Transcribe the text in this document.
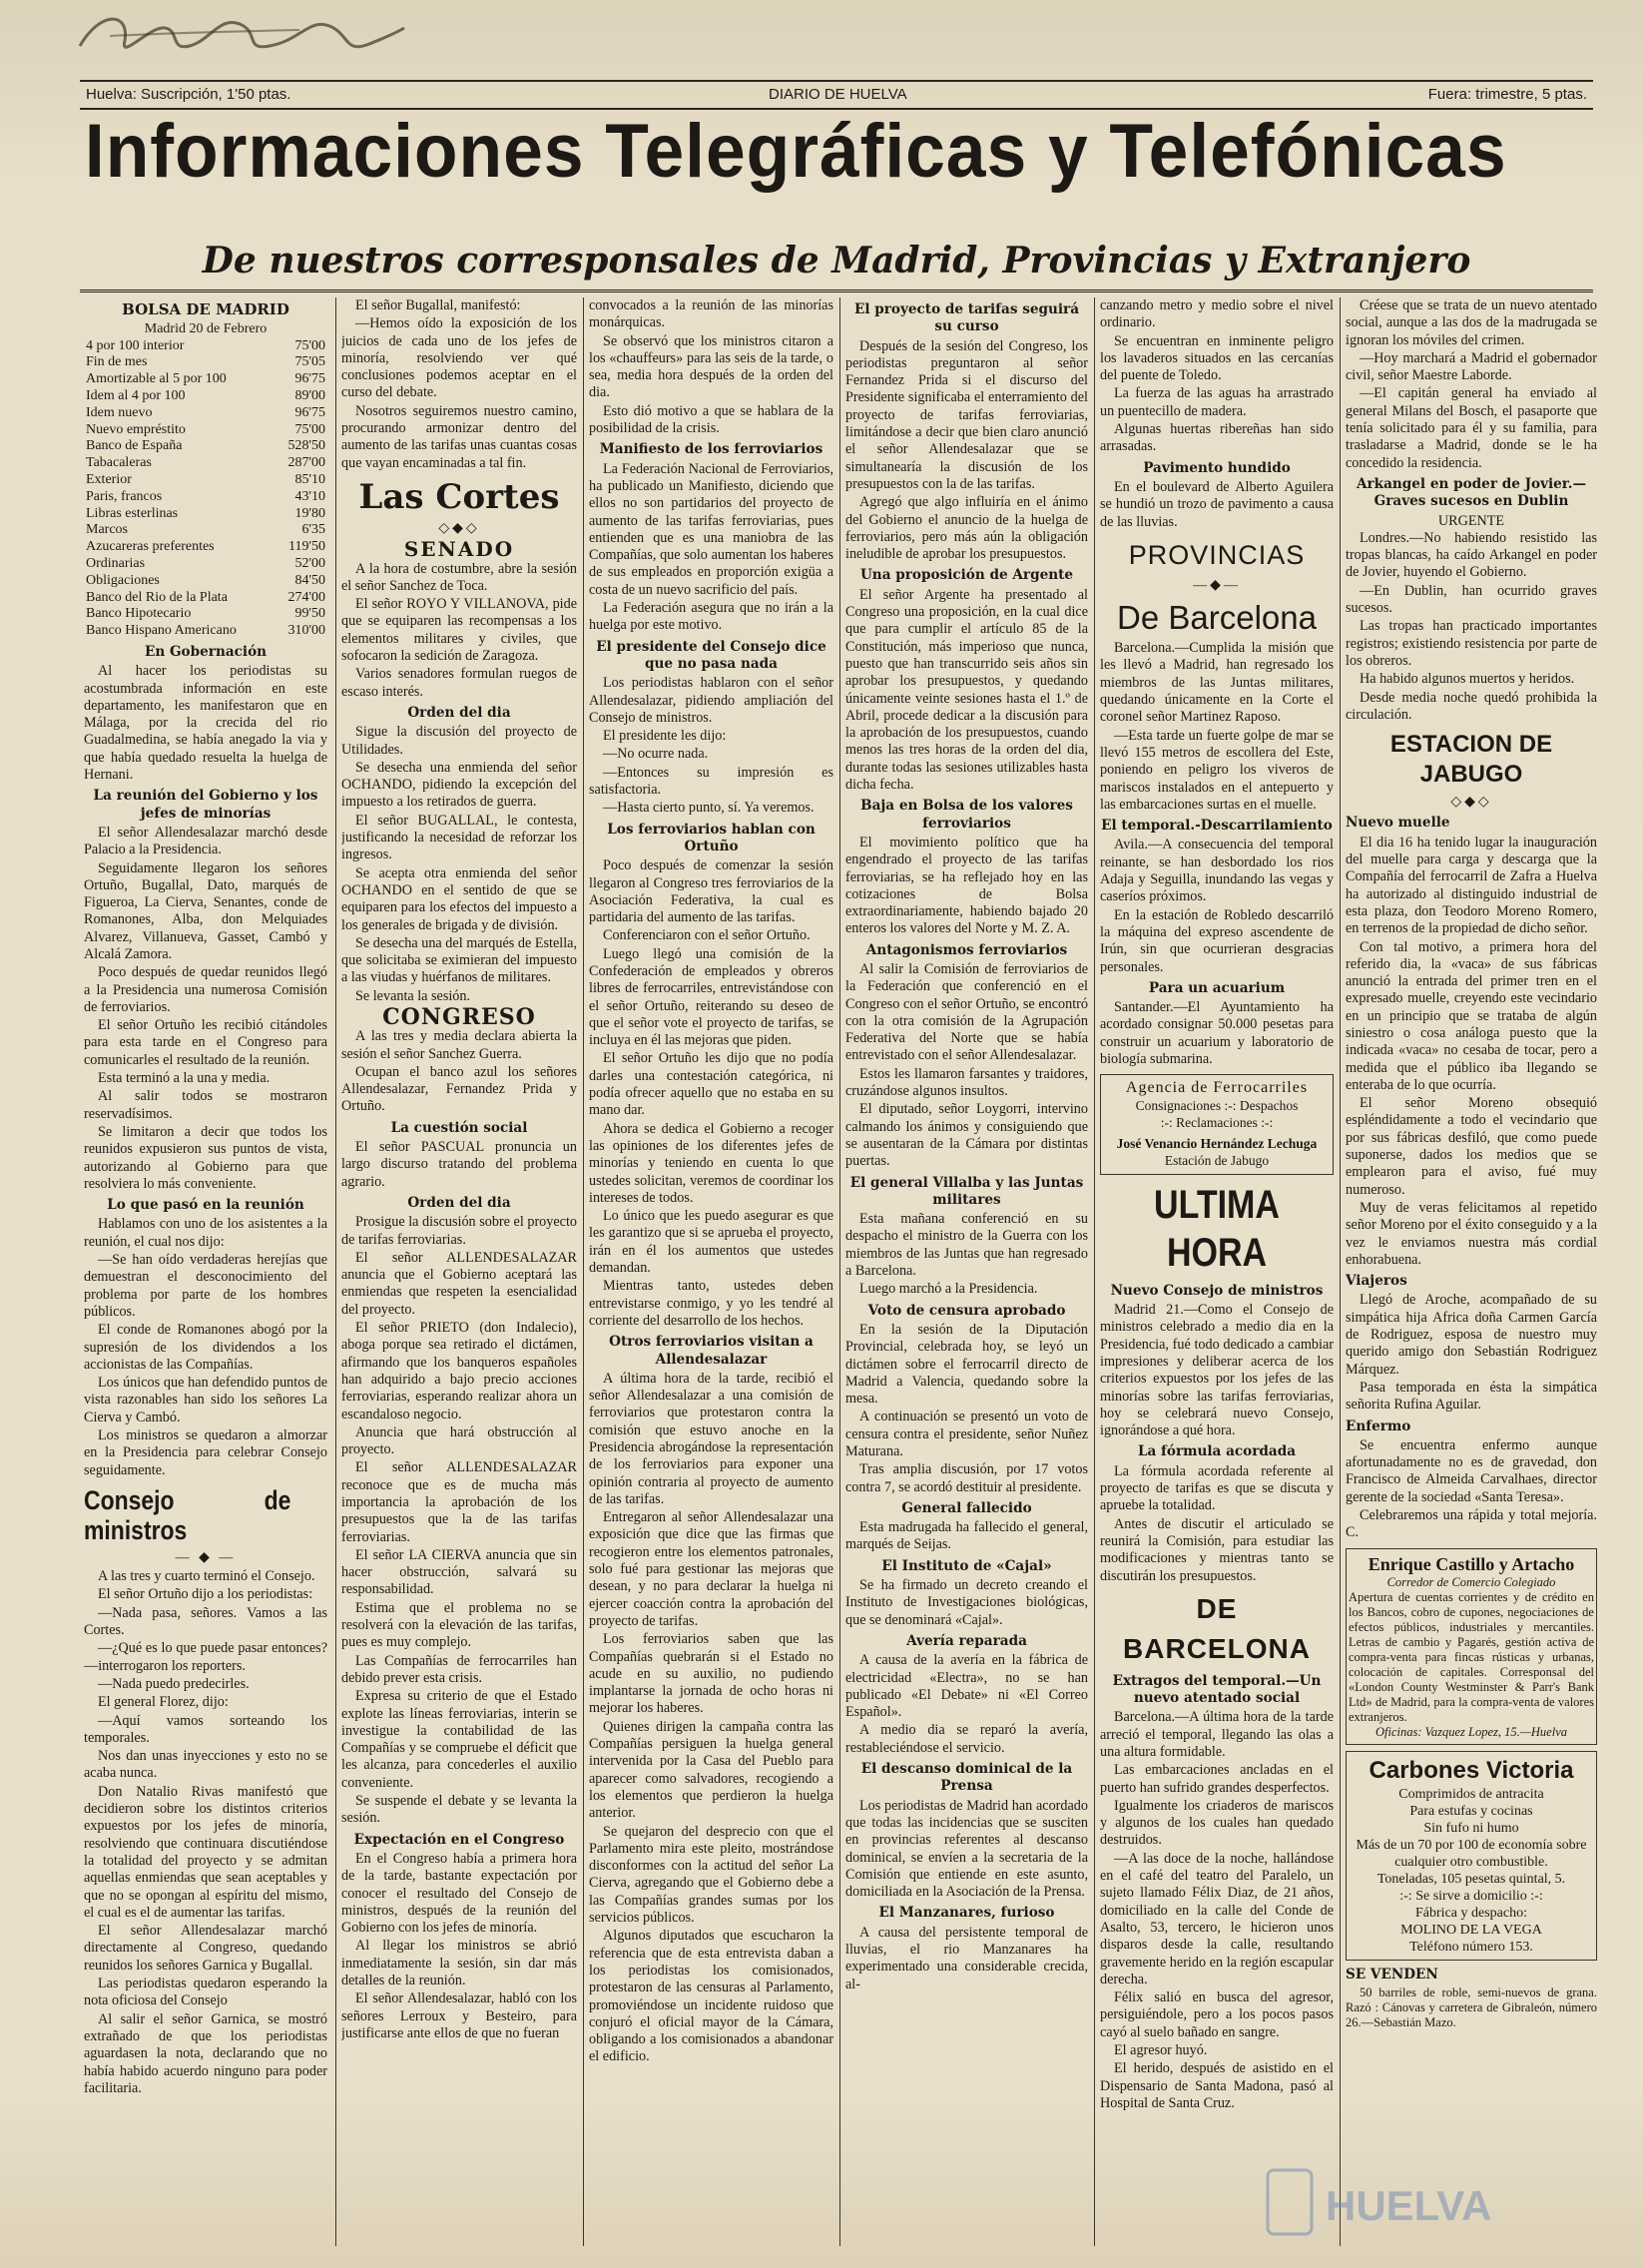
Huelva: Suscripción, 1'50 ptas.	DIARIO DE HUELVA	Fuera: trimestre, 5 ptas.
Informaciones Telegráficas y Telefónicas
De nuestros corresponsales de Madrid, Provincias y Extranjero
BOLSA DE MADRID
Madrid 20 de Febrero
4 por 100 interior	75'00
Fin de mes	75'05
Amortizable al 5 por 100	96'75
Idem al 4 por 100	89'00
Idem nuevo	96'75
Nuevo empréstito	75'00
Banco de España	528'50
Tabacaleras	287'00
Exterior	85'10
Paris, francos	43'10
Libras esterlinas	19'80
Marcos	6'35
Azucareras preferentes	119'50
Ordinarias	52'00
Obligaciones	84'50
Banco del Rio de la Plata	274'00
Banco Hipotecario	99'50
Banco Hispano Americano	310'00
En Gobernación

Al hacer los periodistas su acostumbrada información en este departamento, les manifestaron que en Málaga, por la crecida del rio Guadalmedina, se había anegado la via y que había quedado resuelta la huelga de Hernani.

La reunión del Gobierno y los jefes de minorías

El señor Allendesalazar marchó desde Palacio a la Presidencia.

Seguidamente llegaron los señores Ortuño, Bugallal, Dato, marqués de Figueroa, La Cierva, Senantes, conde de Romanones, Alba, don Melquiades Alvarez, Villanueva, Gasset, Cambó y Alcalá Zamora.

Poco después de quedar reunidos llegó a la Presidencia una numerosa Comisión de ferroviarios.

El señor Ortuño les recibió citándoles para esta tarde en el Congreso para comunicarles el resultado de la reunión.

Esta terminó a la una y media.

Al salir todos se mostraron reservadísimos.

Se limitaron a decir que todos los reunidos expusieron sus puntos de vista, autorizando al Gobierno para que resolviera lo más conveniente.

Lo que pasó en la reunión

Hablamos con uno de los asistentes a la reunión, el cual nos dijo:

—Se han oído verdaderas herejías que demuestran el desconocimiento del problema por parte de los hombres públicos.

El conde de Romanones abogó por la supresión de los dividendos a los accionistas de las Compañías.

Los únicos que han defendido puntos de vista razonables han sido los señores La Cierva y Cambó.

Los ministros se quedaron a almorzar en la Presidencia para celebrar Consejo seguidamente.

Consejo de ministros
— ◆ —

A las tres y cuarto terminó el Consejo.

El señor Ortuño dijo a los periodistas:

—Nada pasa, señores. Vamos a las Cortes.

—¿Qué es lo que puede pasar entonces?—interrogaron los reporters.

—Nada puedo predecirles.

El general Florez, dijo:

—Aquí vamos sorteando los temporales.

Nos dan unas inyecciones y esto no se acaba nunca.

Don Natalio Rivas manifestó que decidieron sobre los distintos criterios expuestos por los jefes de minoría, resolviendo que continuara discutiéndose la totalidad del proyecto y se admitan aquellas enmiendas que sean aceptables y que no se opongan al espíritu del mismo, el cual es el de aumentar las tarifas.

El señor Allendesalazar marchó directamente al Congreso, quedando reunidos los señores Garnica y Bugallal.

Las periodistas quedaron esperando la nota oficiosa del Consejo

Al salir el señor Garnica, se mostró extrañado de que los periodistas aguardasen la nota, declarando que no había habido acuerdo ninguno para poder facilitaria.

El señor Bugallal, manifestó:

—Hemos oído la exposición de los juicios de cada uno de los jefes de minoría, resolviendo ver qué conclusiones podemos aceptar en el curso del debate.

Nosotros seguiremos nuestro camino, procurando armonizar dentro del aumento de las tarifas unas cuantas cosas que vayan encaminadas a tal fin.

Las Cortes
◇◆◇
SENADO

A la hora de costumbre, abre la sesión el señor Sanchez de Toca.

El señor ROYO Y VILLANOVA, pide que se equiparen las recompensas a los elementos militares y civiles, que sofocaron la sedición de Zaragoza.

Varios senadores formulan ruegos de escaso interés.

Orden del dia

Sigue la discusión del proyecto de Utilidades.

Se desecha una enmienda del señor OCHANDO, pidiendo la excepción del impuesto a los retirados de guerra.

El señor BUGALLAL, le contesta, justificando la necesidad de reforzar los ingresos.

Se acepta otra enmienda del señor OCHANDO en el sentido de que se equiparen para los efectos del impuesto a los generales de brigada y de división.

Se desecha una del marqués de Estella, que solicitaba se eximieran del impuesto a las viudas y huérfanos de militares.

Se levanta la sesión.

CONGRESO

A las tres y media declara abierta la sesión el señor Sanchez Guerra.

Ocupan el banco azul los señores Allendesalazar, Fernandez Prida y Ortuño.

La cuestión social

El señor PASCUAL pronuncia un largo discurso tratando del problema agrario.

Orden del dia

Prosigue la discusión sobre el proyecto de tarifas ferroviarias.

El señor ALLENDESALAZAR anuncia que el Gobierno aceptará las enmiendas que respeten la esencialidad del proyecto.

El señor PRIETO (don Indalecio), aboga porque sea retirado el dictámen, afirmando que los banqueros españoles han adquirido a bajo precio acciones ferroviarias, esperando realizar ahora un escandaloso negocio.

Anuncia que hará obstrucción al proyecto.

El señor ALLENDESALAZAR reconoce que es de mucha más importancia la aprobación de los presupuestos que la de las tarifas ferroviarias.

El señor LA CIERVA anuncia que sin hacer obstrucción, salvará su responsabilidad.

Estima que el problema no se resolverá con la elevación de las tarifas, pues es muy complejo.

Las Compañías de ferrocarriles han debido prever esta crisis.

Expresa su criterio de que el Estado explote las líneas ferroviarias, interin se investigue la contabilidad de las Compañías y se compruebe el déficit que les alcanza, para concederles el auxilio conveniente.

Se suspende el debate y se levanta la sesión.

Expectación en el Congreso

En el Congreso había a primera hora de la tarde, bastante expectación por conocer el resultado del Consejo de ministros, después de la reunión del Gobierno con los jefes de minoría.

Al llegar los ministros se abrió inmediatamente la sesión, sin dar más detalles de la reunión.

El señor Allendesalazar, habló con los señores Lerroux y Besteiro, para justificarse ante ellos de que no fueran

convocados a la reunión de las minorías monárquicas.

Se observó que los ministros citaron a los «chauffeurs» para las seis de la tarde, o sea, media hora después de la orden del dia.

Esto dió motivo a que se hablara de la posibilidad de la crisis.

Manifiesto de los ferroviarios

La Federación Nacional de Ferroviarios, ha publicado un Manifiesto, diciendo que ellos no son partidarios del proyecto de aumento de las tarifas ferroviarias, pues entienden que es una maniobra de las Compañías, que solo aumentan los haberes de sus empleados en proporción exigüa a costa de un nuevo sacrificio del país.

La Federación asegura que no irán a la huelga por este motivo.

El presidente del Consejo dice que no pasa nada

Los periodistas hablaron con el señor Allendesalazar, pidiendo ampliación del Consejo de ministros.

El presidente les dijo:

—No ocurre nada.

—Entonces su impresión es satisfactoria.

—Hasta cierto punto, sí. Ya veremos.

Los ferroviarios hablan con Ortuño

Poco después de comenzar la sesión llegaron al Congreso tres ferroviarios de la Asociación Federativa, la cual es partidaria del aumento de las tarifas.

Conferenciaron con el señor Ortuño.

Luego llegó una comisión de la Confederación de empleados y obreros libres de ferrocarriles, entrevistándose con el señor Ortuño, reiterando su deseo de que el señor vote el proyecto de tarifas, se incluya en él las mejoras que piden.

El señor Ortuño les dijo que no podía darles una contestación categórica, ni podía ofrecer aquello que no estaba en su mano dar.

Ahora se dedica el Gobierno a recoger las opiniones de los diferentes jefes de minorías y teniendo en cuenta lo que ustedes solicitan, veremos de coordinar los intereses de todos.

Lo único que les puedo asegurar es que les garantizo que si se aprueba el proyecto, irán en él los aumentos que ustedes demandan.

Mientras tanto, ustedes deben entrevistarse conmigo, y yo les tendré al corriente del desarrollo de los hechos.

Otros ferroviarios visitan a Allendesalazar

A última hora de la tarde, recibió el señor Allendesalazar a una comisión de ferroviarios que protestaron contra la comisión que estuvo anoche en la Presidencia abrogándose la representación de los ferroviarios para exponer una opinión contraria al proyecto de aumento de las tarifas.

Entregaron al señor Allendesalazar una exposición que dice que las firmas que recogieron entre los elementos patronales, solo fué para gestionar las mejoras que desean, y no para declarar la huelga ni ejercer coacción contra la aprobación del proyecto de tarifas.

Los ferroviarios saben que las Compañías quebrarán si el Estado no acude en su auxilio, no pudiendo implantarse la jornada de ocho horas ni mejorar los haberes.

Quienes dirigen la campaña contra las Compañías persiguen la huelga general intervenida por la Casa del Pueblo para aparecer como salvadores, recogiendo a los elementos que perdieron la huelga anterior.

Se quejaron del desprecio con que el Parlamento mira este pleito, mostrándose disconformes con la actitud del señor La Cierva, agregando que el Gobierno debe a las Compañías grandes sumas por los servicios públicos.

Algunos diputados que escucharon la referencia que de esta entrevista daban a los periodistas los comisionados, protestaron de las censuras al Parlamento, promoviéndose un incidente ruidoso que conjuró el oficial mayor de la Cámara, obligando a los comisionados a abandonar el edificio.

El proyecto de tarifas seguirá su curso

Después de la sesión del Congreso, los periodistas preguntaron al señor Fernandez Prida si el discurso del Presidente significaba el enterramiento del proyecto de tarifas ferroviarias, limitándose a decir que bien claro anunció el señor Allendesalazar que se simultanearía la discusión de los presupuestos con la de las tarifas.

Agregó que algo influiría en el ánimo del Gobierno el anuncio de la huelga de ferroviarios, pero más aún la obligación ineludible de aprobar los presupuestos.

Una proposición de Argente

El señor Argente ha presentado al Congreso una proposición, en la cual dice que para cumplir el artículo 85 de la Constitución, más imperioso que nunca, puesto que han transcurrido seis años sin aprobar los presupuestos, y quedando únicamente veinte sesiones hasta el 1.º de Abril, procede dedicar a la discusión para la aprobación de los presupuestos, cuando menos las tres horas de la orden del dia, durante todas las sesiones utilizables hasta dicha fecha.

Baja en Bolsa de los valores ferroviarios

El movimiento político que ha engendrado el proyecto de las tarifas ferroviarias, se ha reflejado hoy en las cotizaciones de Bolsa extraordinariamente, habiendo bajado 20 enteros los valores del Norte y M. Z. A.

Antagonismos ferroviarios

Al salir la Comisión de ferroviarios de la Federación que conferenció en el Congreso con el señor Ortuño, se encontró con la otra comisión de la Agrupación Federativa del Norte que se había entrevistado con el señor Allendesalazar.

Estos les llamaron farsantes y traidores, cruzándose algunos insultos.

El diputado, señor Loygorri, intervino calmando los ánimos y consiguiendo que se ausentaran de la Cámara por distintas puertas.

El general Villalba y las Juntas militares

Esta mañana conferenció en su despacho el ministro de la Guerra con los miembros de las Juntas que han regresado a Barcelona.

Luego marchó a la Presidencia.

Voto de censura aprobado

En la sesión de la Diputación Provincial, celebrada hoy, se leyó un dictámen sobre el ferrocarril directo de Madrid a Valencia, quedando sobre la mesa.

A continuación se presentó un voto de censura contra el presidente, señor Nuñez Maturana.

Tras amplia discusión, por 17 votos contra 7, se acordó destituir al presidente.

General fallecido

Esta madrugada ha fallecido el general, marqués de Seijas.

El Instituto de «Cajal»

Se ha firmado un decreto creando el Instituto de Investigaciones biológicas, que se denominará «Cajal».

Avería reparada

A causa de la avería en la fábrica de electricidad «Electra», no se han publicado «El Debate» ni «El Correo Español».

A medio dia se reparó la avería, restableciéndose el servicio.

El descanso dominical de la Prensa

Los periodistas de Madrid han acordado que todas las incidencias que se susciten en provincias referentes al descanso dominical, se envíen a la secretaria de la Comisión que entiende en este asunto, domiciliada en la Asociación de la Prensa.

El Manzanares, furioso

A causa del persistente temporal de lluvias, el rio Manzanares ha experimentado una considerable crecida, al-

canzando metro y medio sobre el nivel ordinario.

Se encuentran en inminente peligro los lavaderos situados en las cercanías del puente de Toledo.

La fuerza de las aguas ha arrastrado un puentecillo de madera.

Algunas huertas ribereñas han sido arrasadas.

Pavimento hundido

En el boulevard de Alberto Aguilera se hundió un trozo de pavimento a causa de las lluvias.

PROVINCIAS
—◆—
De Barcelona

Barcelona.—Cumplida la misión que les llevó a Madrid, han regresado los miembros de las Juntas militares, quedando únicamente en la Corte el coronel señor Martinez Raposo.

—Esta tarde un fuerte golpe de mar se llevó 155 metros de escollera del Este, poniendo en peligro los viveros de mariscos instalados en el antepuerto y las embarcaciones surtas en el muelle.

El temporal.-Descarrilamiento

Avila.—A consecuencia del temporal reinante, se han desbordado los rios Adaja y Seguilla, inundando las vegas y caseríos próximos.

En la estación de Robledo descarriló la máquina del expreso ascendente de Irún, sin que ocurrieran desgracias personales.

Para un acuarium

Santander.—El Ayuntamiento ha acordado consignar 50.000 pesetas para construir un acuarium y laboratorio de biología submarina.

Agencia de Ferrocarriles
Consignaciones :-: Despachos
:-: Reclamaciones :-:
José Venancio Hernández Lechuga
Estación de Jabugo
ULTIMA HORA
Nuevo Consejo de ministros

Madrid 21.—Como el Consejo de ministros celebrado a medio dia en la Presidencia, fué todo dedicado a cambiar impresiones y deliberar acerca de los criterios expuestos por los jefes de las minorías sobre las tarifas ferroviarias, hoy se celebrará nuevo Consejo, ignorándose a qué hora.

La fórmula acordada

La fórmula acordada referente al proyecto de tarifas es que se discuta y apruebe la totalidad.

Antes de discutir el articulado se reunirá la Comisión, para estudiar las modificaciones y mientras tanto se discutirán los presupuestos.

DE BARCELONA
Extragos del temporal.—Un nuevo atentado social

Barcelona.—A última hora de la tarde arreció el temporal, llegando las olas a una altura formidable.

Las embarcaciones ancladas en el puerto han sufrido grandes desperfectos.

Igualmente los criaderos de mariscos y algunos de los cuales han quedado destruidos.

—A las doce de la noche, hallándose en el café del teatro del Paralelo, un sujeto llamado Félix Diaz, de 21 años, domiciliado en la calle del Conde de Asalto, 53, tercero, le hicieron unos disparos desde la calle, resultando gravemente herido en la región escapular derecha.

Félix salió en busca del agresor, persiguiéndole, pero a los pocos pasos cayó al suelo bañado en sangre.

El agresor huyó.

El herido, después de asistido en el Dispensario de Santa Madona, pasó al Hospital de Santa Cruz.

Créese que se trata de un nuevo atentado social, aunque a las dos de la madrugada se ignoran los móviles del crimen.

—Hoy marchará a Madrid el gobernador civil, señor Maestre Laborde.

—El capitán general ha enviado al general Milans del Bosch, el pasaporte que tenía solicitado para él y su familia, para trasladarse a Madrid, donde se le ha concedido la residencia.

Arkangel en poder de Jovier.—Graves sucesos en Dublin
URGENTE

Londres.—No habiendo resistido las tropas blancas, ha caído Arkangel en poder de Jovier, huyendo el Gobierno.

—En Dublin, han ocurrido graves sucesos.

Las tropas han practicado importantes registros; existiendo resistencia por parte de los obreros.

Ha habido algunos muertos y heridos.

Desde media noche quedó prohibida la circulación.

ESTACION DE JABUGO
◇◆◇
Nuevo muelle

El dia 16 ha tenido lugar la inauguración del muelle para carga y descarga que la Compañía del ferrocarril de Zafra a Huelva ha autorizado al distinguido industrial de esta plaza, don Teodoro Moreno Romero, en terrenos de la propiedad de dicho señor.

Con tal motivo, a primera hora del referido dia, la «vaca» de sus fábricas anunció la entrada del primer tren en el expresado muelle, creyendo este vecindario en un principio que se trataba de algún siniestro o cosa análoga puesto que la indicada «vaca» no cesaba de tocar, pero a medida que el público iba llegando se enteraba de lo que ocurría.

El señor Moreno obsequió espléndidamente a todo el vecindario que por sus fábricas desfiló, que como puede suponerse, dados los medios que se emplearon para el aviso, fué muy numeroso.

Muy de veras felicitamos al repetido señor Moreno por el éxito conseguido y a la vez le enviamos nuestra más cordial enhorabuena.

Viajeros

Llegó de Aroche, acompañado de su simpática hija Africa doña Carmen García de Rodriguez, esposa de nuestro muy querido amigo don Sebastián Rodriguez Márquez.

Pasa temporada en ésta la simpática señorita Rufina Aguilar.

Enfermo

Se encuentra enfermo aunque afortunadamente no es de gravedad, don Francisco de Almeida Carvalhaes, director gerente de la sociedad «Santa Teresa».

Celebraremos una rápida y total mejoría. C.

Enrique Castillo y Artacho
Corredor de Comercio Colegiado
Apertura de cuentas corrientes y de crédito en los Bancos, cobro de cupones, negociaciones de efectos públicos, industriales y mercantiles. Letras de cambio y Pagarés, gestión activa de compra-venta para fincas rústicas y urbanas, colocación de capitales. Corresponsal del «London County Westminster & Parr's Bank Ltd» de Madrid, para la compra-venta de valores extranjeros.
Oficinas: Vazquez Lopez, 15.—Huelva
Carbones Victoria
Comprimidos de antracita
Para estufas y cocinas
Sin fufo ni humo
Más de un 70 por 100 de economía sobre cualquier otro combustible.
Toneladas, 105 pesetas quintal, 5.
:-: Se sirve a domicilio :-:
Fábrica y despacho:
MOLINO DE LA VEGA
Teléfono número 153.
SE VENDEN

50 barriles de roble, semi-nuevos de grana. Razó : Cánovas y carretera de Gibraleón, número 26.—Sebastián Mazo.

HUELVA
